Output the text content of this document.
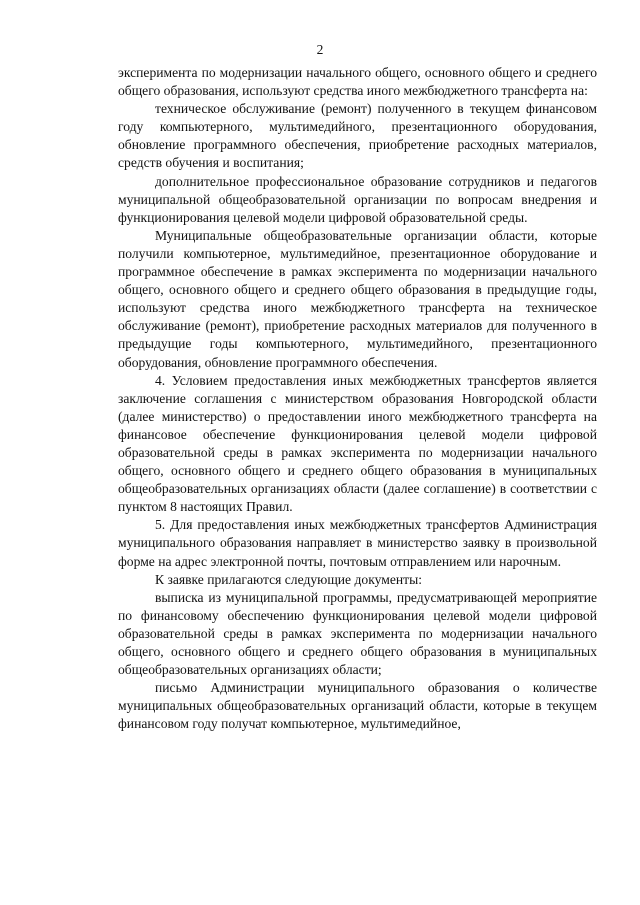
2

эксперимента по модернизации начального общего, основного общего и среднего общего образования, используют средства иного межбюджетного трансферта на:

техническое обслуживание (ремонт) полученного в текущем финансовом году компьютерного, мультимедийного, презентационного оборудования, обновление программного обеспечения, приобретение расходных материалов, средств обучения и воспитания;

дополнительное профессиональное образование сотрудников и педагогов муниципальной общеобразовательной организации по вопросам внедрения и функционирования целевой модели цифровой образовательной среды.

Муниципальные общеобразовательные организации области, которые получили компьютерное, мультимедийное, презентационное оборудование и программное обеспечение в рамках эксперимента по модернизации начального общего, основного общего и среднего общего образования в предыдущие годы, используют средства иного межбюджетного трансферта на техническое обслуживание (ремонт), приобретение расходных материалов для полученного в предыдущие годы компьютерного, мультимедийного, презентационного оборудования, обновление программного обеспечения.

4. Условием предоставления иных межбюджетных трансфертов является заключение соглашения с министерством образования Новгородской области (далее министерство) о предоставлении иного межбюджетного трансферта на финансовое обеспечение функционирования целевой модели цифровой образовательной среды в рамках эксперимента по модернизации начального общего, основного общего и среднего общего образования в муниципальных общеобразовательных организациях области (далее соглашение) в соответствии с пунктом 8 настоящих Правил.

5. Для предоставления иных межбюджетных трансфертов Администрация муниципального образования направляет в министерство заявку в произвольной форме на адрес электронной почты, почтовым отправлением или нарочным.

К заявке прилагаются следующие документы:

выписка из муниципальной программы, предусматривающей мероприятие по финансовому обеспечению функционирования целевой модели цифровой образовательной среды в рамках эксперимента по модернизации начального общего, основного общего и среднего общего образования в муниципальных общеобразовательных организациях области;

письмо Администрации муниципального образования о количестве муниципальных общеобразовательных организаций области, которые в текущем финансовом году получат компьютерное, мультимедийное,
